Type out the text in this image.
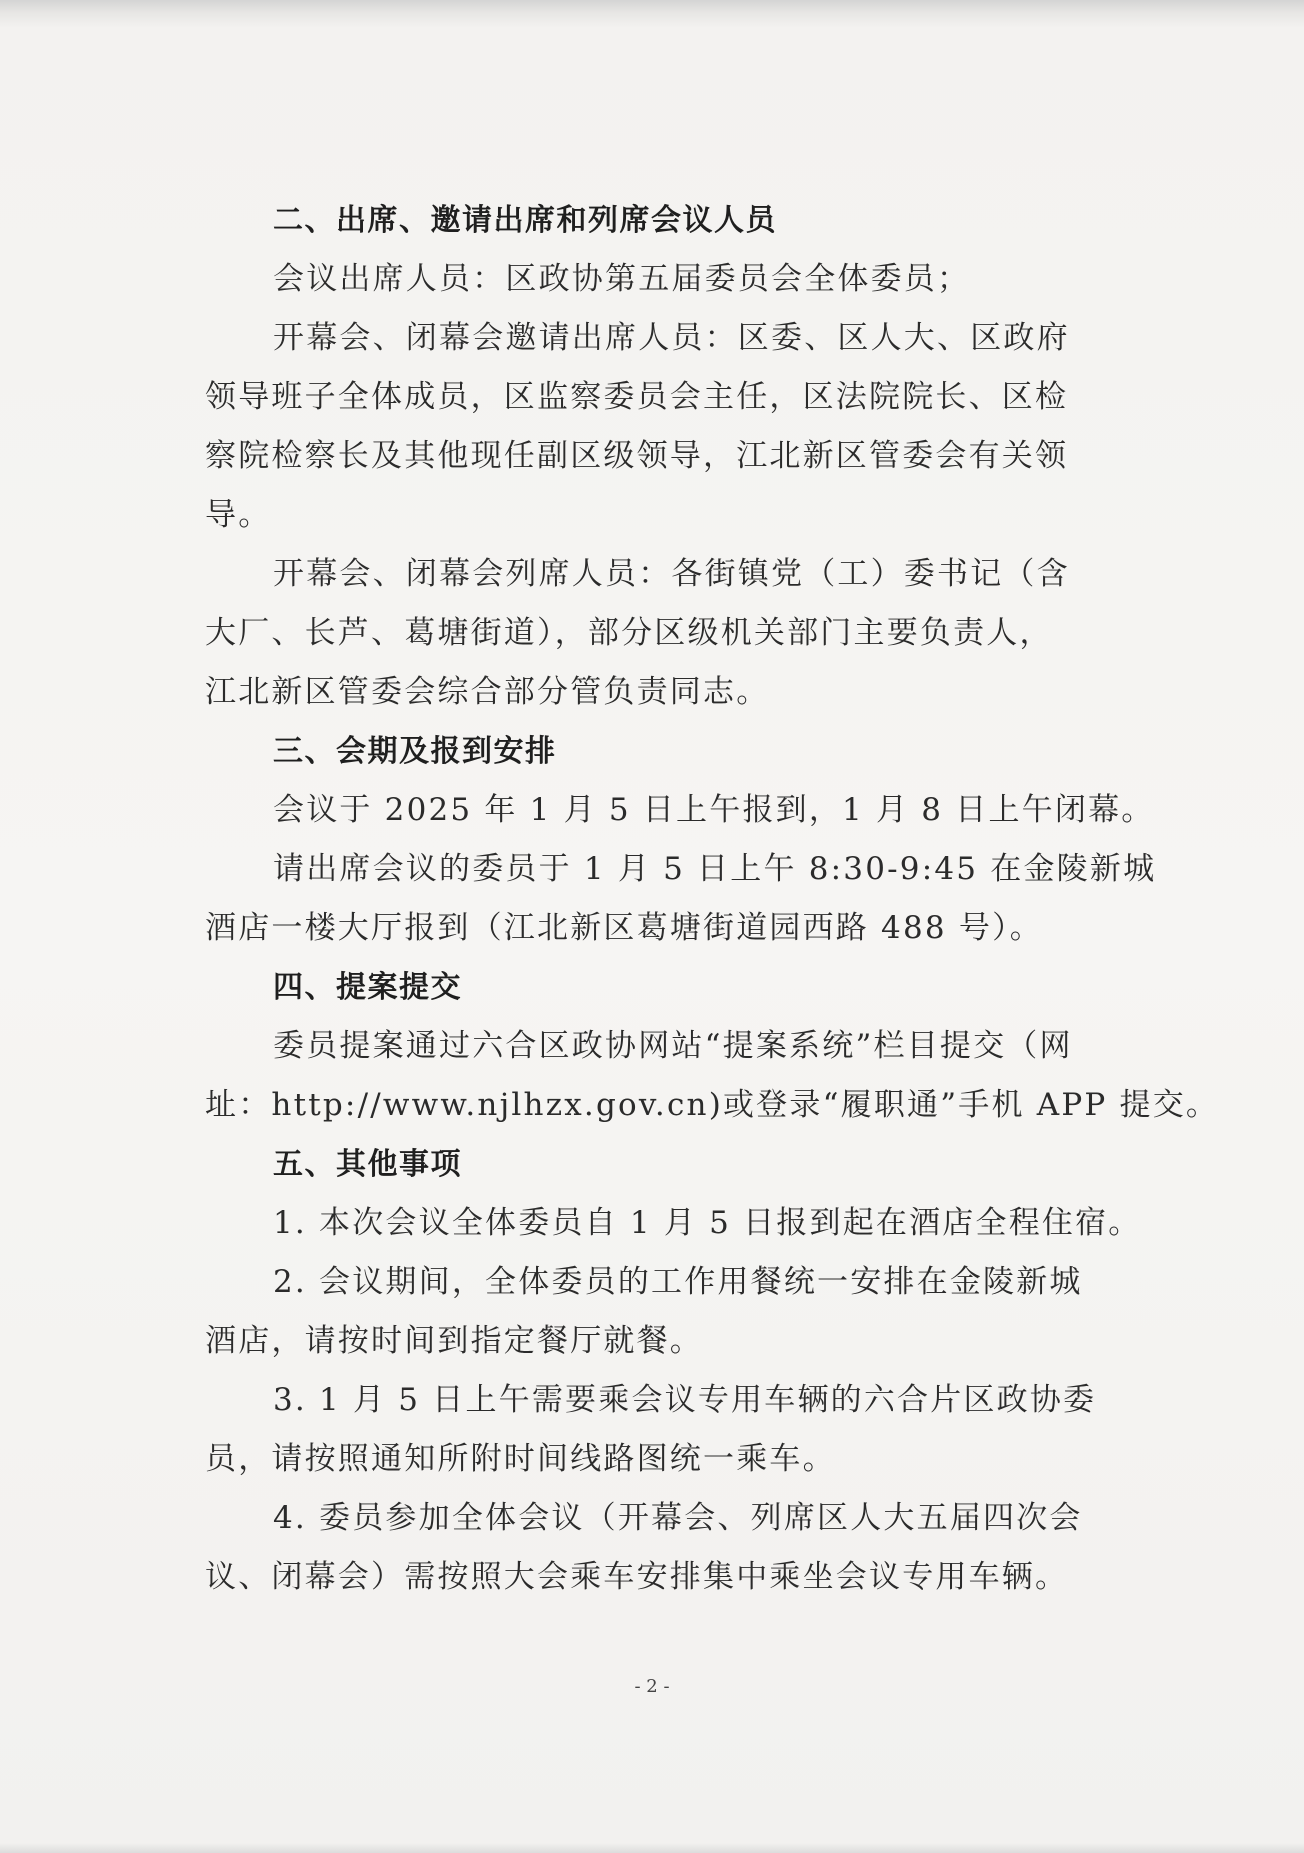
二、出席、邀请出席和列席会议人员
会议出席人员：区政协第五届委员会全体委员；
开幕会、闭幕会邀请出席人员：区委、区人大、区政府
领导班子全体成员，区监察委员会主任，区法院院长、区检
察院检察长及其他现任副区级领导，江北新区管委会有关领
导。
开幕会、闭幕会列席人员：各街镇党（工）委书记（含
大厂、长芦、葛塘街道），部分区级机关部门主要负责人，
江北新区管委会综合部分管负责同志。
三、会期及报到安排
会议于 2025 年 1 月 5 日上午报到，1 月 8 日上午闭幕。
请出席会议的委员于 1 月 5 日上午 8:30-9:45 在金陵新城
酒店一楼大厅报到（江北新区葛塘街道园西路 488 号）。
四、提案提交
委员提案通过六合区政协网站“提案系统”栏目提交（网
址：http://www.njlhzx.gov.cn)或登录“履职通”手机 APP 提交。
五、其他事项
1. 本次会议全体委员自 1 月 5 日报到起在酒店全程住宿。
2. 会议期间，全体委员的工作用餐统一安排在金陵新城
酒店，请按时间到指定餐厅就餐。
3. 1 月 5 日上午需要乘会议专用车辆的六合片区政协委
员，请按照通知所附时间线路图统一乘车。
4. 委员参加全体会议（开幕会、列席区人大五届四次会
议、闭幕会）需按照大会乘车安排集中乘坐会议专用车辆。
- 2 -
